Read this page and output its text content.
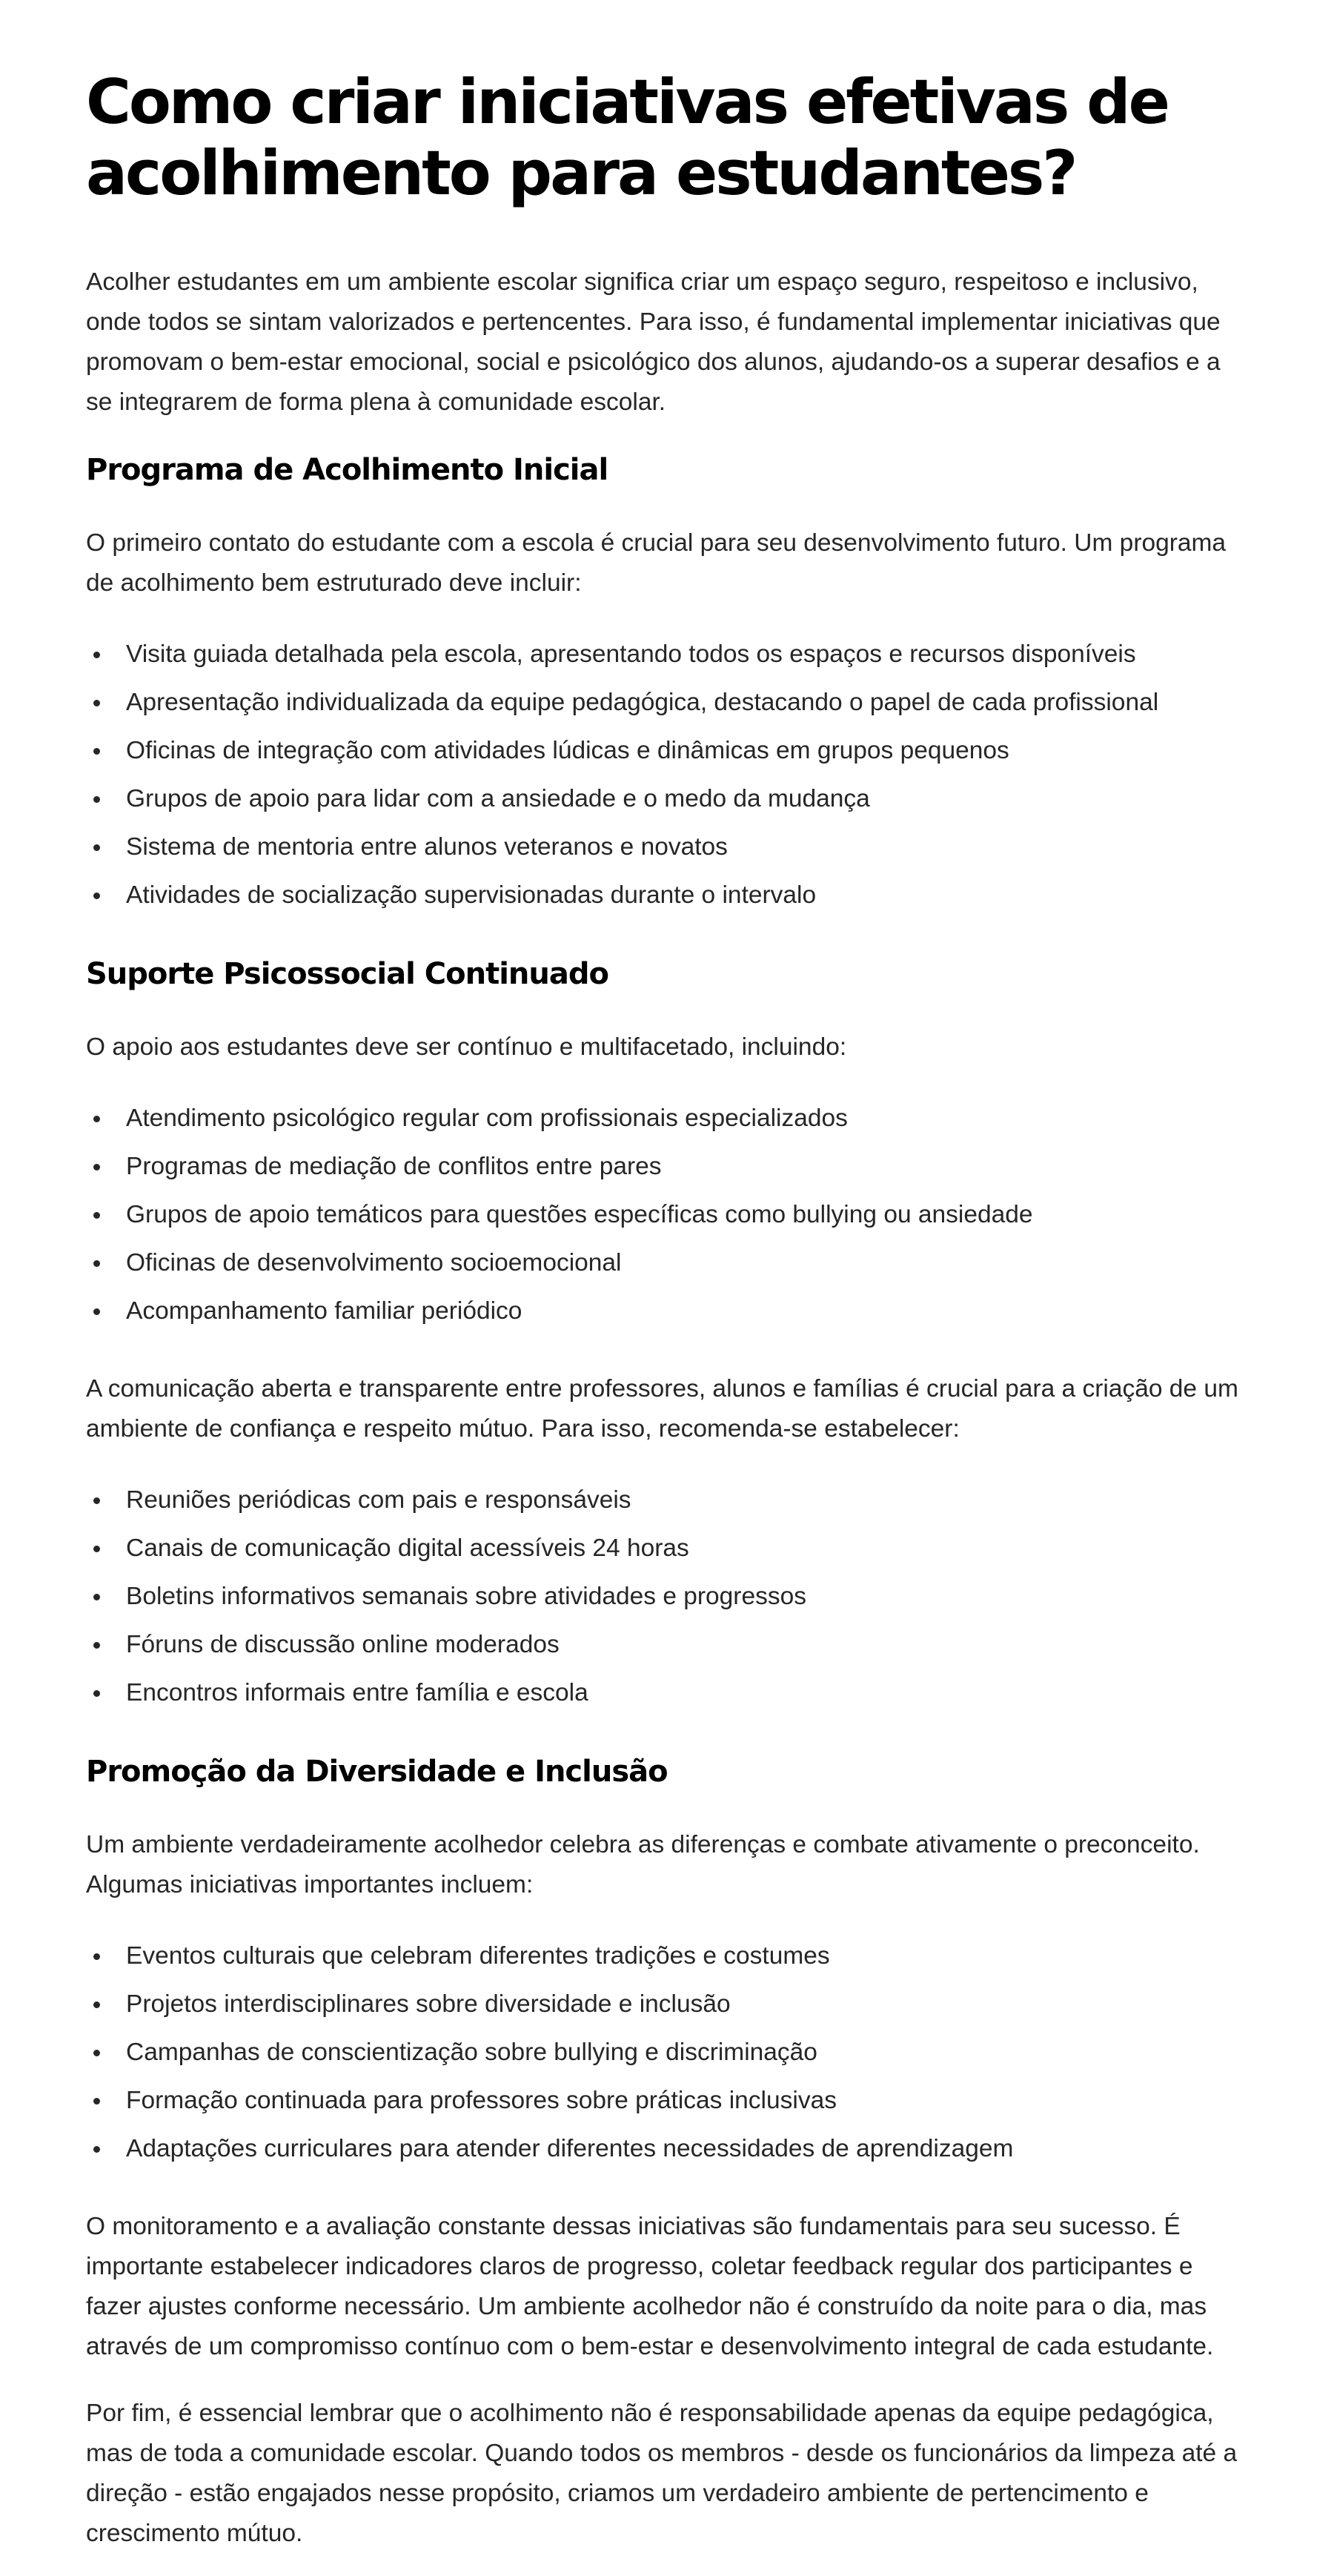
Como criar iniciativas efetivas de acolhimento para estudantes?

Acolher estudantes em um ambiente escolar significa criar um espaço seguro, respeitoso e inclusivo, onde todos se sintam valorizados e pertencentes. Para isso, é fundamental implementar iniciativas que promovam o bem-estar emocional, social e psicológico dos alunos, ajudando-os a superar desafios e a se integrarem de forma plena à comunidade escolar.

Programa de Acolhimento Inicial

O primeiro contato do estudante com a escola é crucial para seu desenvolvimento futuro. Um programa de acolhimento bem estruturado deve incluir:

Visita guiada detalhada pela escola, apresentando todos os espaços e recursos disponíveis
Apresentação individualizada da equipe pedagógica, destacando o papel de cada profissional
Oficinas de integração com atividades lúdicas e dinâmicas em grupos pequenos
Grupos de apoio para lidar com a ansiedade e o medo da mudança
Sistema de mentoria entre alunos veteranos e novatos
Atividades de socialização supervisionadas durante o intervalo
Suporte Psicossocial Continuado

O apoio aos estudantes deve ser contínuo e multifacetado, incluindo:

Atendimento psicológico regular com profissionais especializados
Programas de mediação de conflitos entre pares
Grupos de apoio temáticos para questões específicas como bullying ou ansiedade
Oficinas de desenvolvimento socioemocional
Acompanhamento familiar periódico

A comunicação aberta e transparente entre professores, alunos e famílias é crucial para a criação de um ambiente de confiança e respeito mútuo. Para isso, recomenda-se estabelecer:

Reuniões periódicas com pais e responsáveis
Canais de comunicação digital acessíveis 24 horas
Boletins informativos semanais sobre atividades e progressos
Fóruns de discussão online moderados
Encontros informais entre família e escola
Promoção da Diversidade e Inclusão

Um ambiente verdadeiramente acolhedor celebra as diferenças e combate ativamente o preconceito. Algumas iniciativas importantes incluem:

Eventos culturais que celebram diferentes tradições e costumes
Projetos interdisciplinares sobre diversidade e inclusão
Campanhas de conscientização sobre bullying e discriminação
Formação continuada para professores sobre práticas inclusivas
Adaptações curriculares para atender diferentes necessidades de aprendizagem

O monitoramento e a avaliação constante dessas iniciativas são fundamentais para seu sucesso. É importante estabelecer indicadores claros de progresso, coletar feedback regular dos participantes e fazer ajustes conforme necessário. Um ambiente acolhedor não é construído da noite para o dia, mas através de um compromisso contínuo com o bem-estar e desenvolvimento integral de cada estudante.

Por fim, é essencial lembrar que o acolhimento não é responsabilidade apenas da equipe pedagógica, mas de toda a comunidade escolar. Quando todos os membros - desde os funcionários da limpeza até a direção - estão engajados nesse propósito, criamos um verdadeiro ambiente de pertencimento e crescimento mútuo.
